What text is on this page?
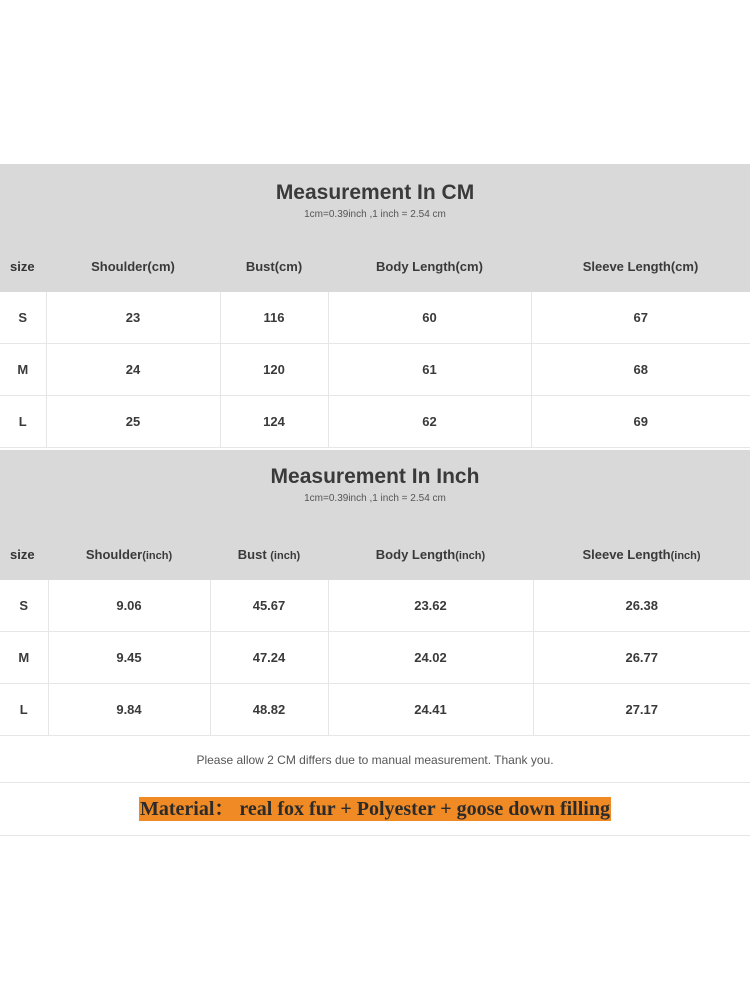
Measurement In CM
1cm=0.39inch ,1 inch = 2.54 cm
size	Shoulder(cm)	Bust(cm)	Body Length(cm)	Sleeve Length(cm)
S	23	116	60	67
M	24	120	61	68
L	25	124	62	69
Measurement In Inch
1cm=0.39inch ,1 inch = 2.54 cm
size	Shoulder(inch)	Bust (inch)	Body Length(inch)	Sleeve Length(inch)
S	9.06	45.67	23.62	26.38
M	9.45	47.24	24.02	26.77
L	9.84	48.82	24.41	27.17
Please allow 2 CM differs due to manual measurement. Thank you.
Material： real fox fur + Polyester + goose down filling
